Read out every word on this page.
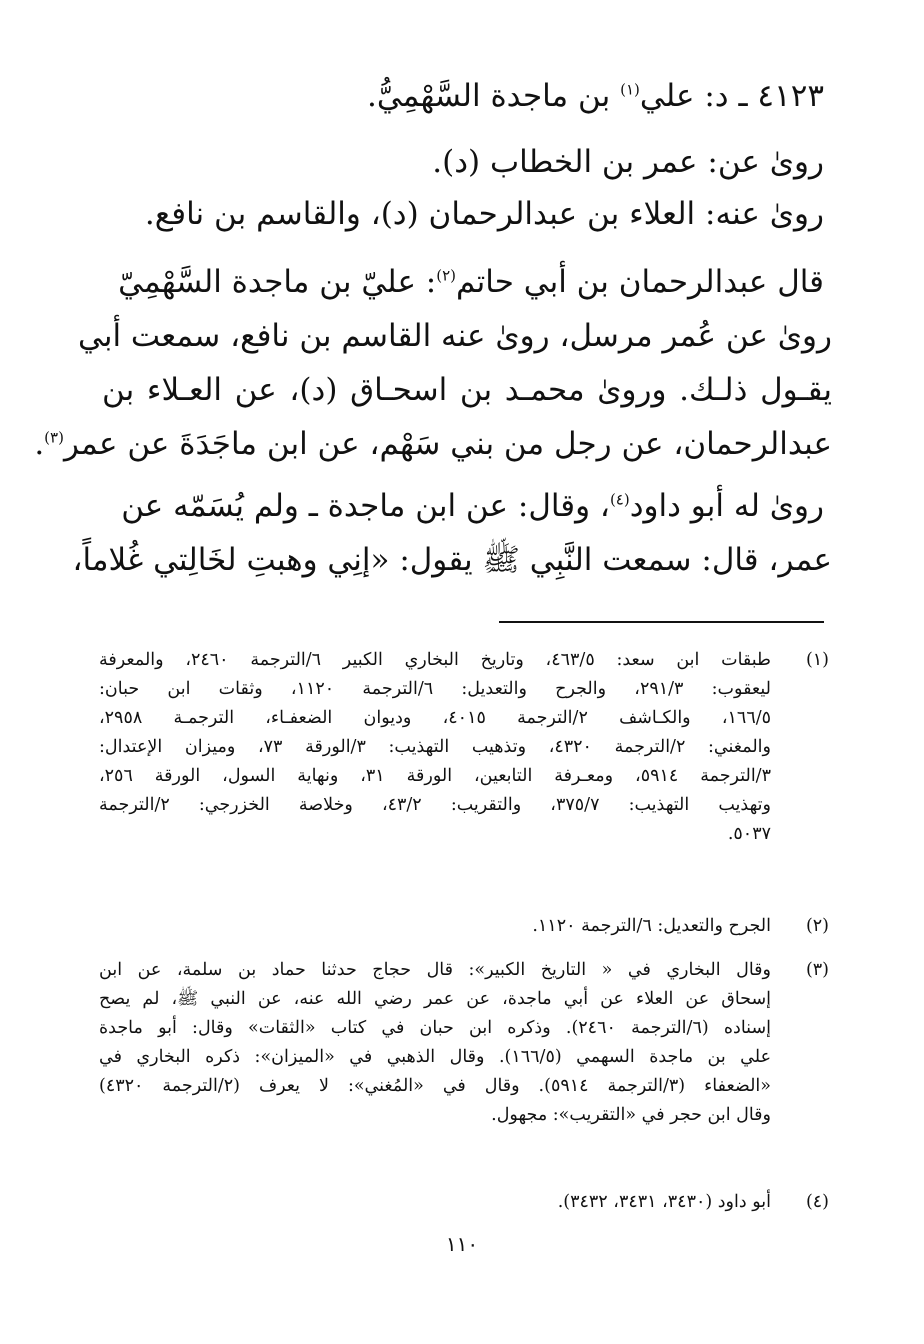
٤١٢٣ ـ د: علي$^{(١)}$ بن ماجدة السَّهْمِيُّ.
روىٰ عن: عمر بن الخطاب (د).
روىٰ عنه: العلاء بن عبدالرحمان (د)، والقاسم بن نافع.
قال عبدالرحمان بن أبي حاتم$^{(٢)}$: عليّ بن ماجدة السَّهْمِيّ
روىٰ عن عُمر مرسل، روىٰ عنه القاسم بن نافع، سمعت أبي
يقـول ذلـك. ورویٰ محمـد بن اسحـاق (د)، عن العـلاء بن
عبدالرحمان، عن رجل من بني سَهْم، عن ابن ماجَدَةَ عن عمر$^{(٣)}$.
روىٰ له أبو داود$^{(٤)}$، وقال: عن ابن ماجدة ـ ولم يُسَمّه عن
عمر، قال: سمعت النَّبِي ﷺ يقول: «إنِي وهبتِ لخَالِتي غُلاماً،
(١)
طبقات ابن سعد: ٤٦٣/٥، وتاريخ البخاري الكبير ٦/الترجمة ٢٤٦٠، والمعرفة
ليعقوب: ٢٩١/٣، والجرح والتعديل: ٦/الترجمة ١١٢٠، وثقات ابن حبان:
١٦٦/٥، والكـاشف ٢/الترجمة ٤٠١٥، وديوان الضعفـاء، الترجمـة ٢٩٥٨،
والمغني: ٢/الترجمة ٤٣٢٠، وتذهيب التهذيب: ٣/الورقة ٧٣، وميزان الإعتدال:
٣/الترجمة ٥٩١٤، ومعـرفة التابعين، الورقة ٣١، ونهاية السول، الورقة ٢٥٦،
وتهذيب التهذيب: ٣٧٥/٧، والتقريب: ٤٣/٢، وخلاصة الخزرجي: ٢/الترجمة
٥٠٣٧.
(٢)
الجرح والتعديل: ٦/الترجمة ١١٢٠.
(٣)
وقال البخاري في « التاريخ الكبير»: قال حجاج حدثنا حماد بن سلمة، عن ابن
إسحاق عن العلاء عن أبي ماجدة، عن عمر رضي الله عنه، عن النبي ﷺ، لم يصح
إسناده (٦/الترجمة ٢٤٦٠). وذكره ابن حبان في كتاب «الثقات» وقال: أبو ماجدة
علي بن ماجدة السهمي (١٦٦/٥). وقال الذهبي في «الميزان»: ذكره البخاري في
«الضعفاء (٣/الترجمة ٥٩١٤). وقال في «المُغني»: لا يعرف (٢/الترجمة ٤٣٢٠)
وقال ابن حجر في «التقريب»: مجهول.
(٤)
أبو داود (٣٤٣٠، ٣٤٣١، ٣٤٣٢).
١١٠
